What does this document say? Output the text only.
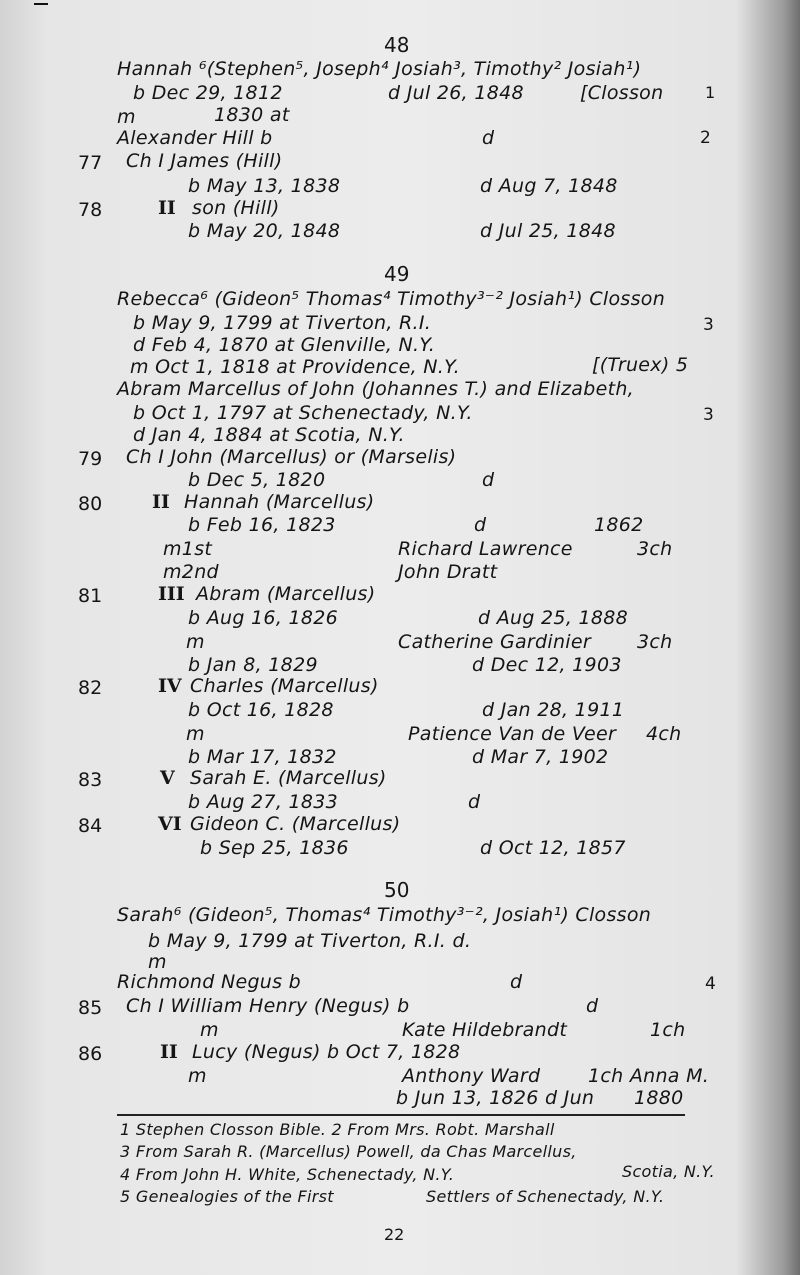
48
Hannah ⁶(Stephen⁵, Joseph⁴ Josiah³, Timothy² Josiah¹)
b Dec 29, 1812	d Jul 26, 1848	[Closson	1
m	1830 at
Alexander Hill b	d	2
77 Ch I James (Hill)
b May 13, 1838	d Aug 7, 1848
78	II son (Hill)
b May 20, 1848	d Jul 25, 1848
49
Rebecca⁶ (Gideon⁵ Thomas⁴ Timothy³⁻² Josiah¹) Closson
b May 9, 1799 at Tiverton, R.I.	3
d Feb 4, 1870 at Glenville, N.Y.
m Oct 1, 1818 at Providence, N.Y.	[(Truex) 5
Abram Marcellus of John (Johannes T.) and Elizabeth,
b Oct 1, 1797 at Schenectady, N.Y.	3
d Jan 4, 1884 at Scotia, N.Y.
79 Ch I John (Marcellus) or (Marselis)
b Dec 5, 1820	d
80	II Hannah (Marcellus)
b Feb 16, 1823	d	1862
m1st	Richard Lawrence	3ch
m2nd	John Dratt
81	III Abram (Marcellus)
b Aug 16, 1826	d Aug 25, 1888
m	Catherine Gardinier 3ch
b Jan 8, 1829	d Dec 12, 1903
82	IV Charles (Marcellus)
b Oct 16, 1828	d Jan 28, 1911
m	Patience Van de Veer 4ch
b Mar 17, 1832	d Mar 7, 1902
83	V Sarah E. (Marcellus)
b Aug 27, 1833	d
84	VI Gideon C. (Marcellus)
b Sep 25, 1836	d Oct 12, 1857
50
Sarah⁶ (Gideon⁵, Thomas⁴ Timothy³⁻², Josiah¹) Closson
b May 9, 1799 at Tiverton, R.I. d.
m
Richmond Negus b	d	4
85 Ch I William Henry (Negus) b	d
m	Kate Hildebrandt	1ch
86	II Lucy (Negus) b Oct 7, 1828
m	Anthony Ward	1ch Anna M.
b Jun 13, 1826 d Jun 1880
1 Stephen Closson Bible. 2 From Mrs. Robt. Marshall
3 From Sarah R. (Marcellus) Powell, da Chas Marcellus,
4 From John H. White, Schenectady, N.Y.	Scotia, N.Y.
5 Genealogies of the First	Settlers of Schenectady, N.Y.
22
